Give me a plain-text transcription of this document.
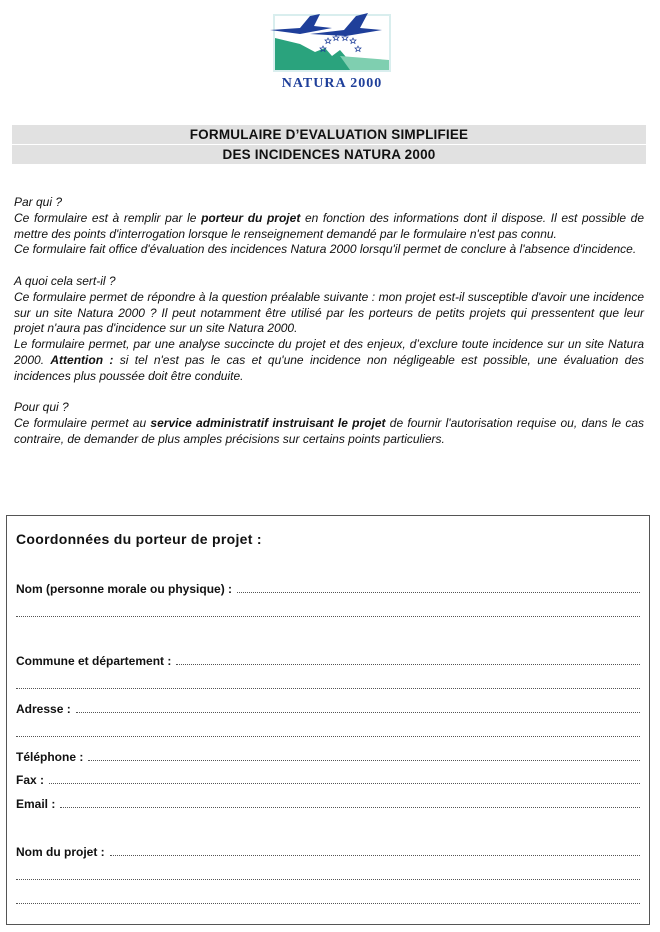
NATURA 2000
FORMULAIRE D’EVALUATION SIMPLIFIEE
DES INCIDENCES NATURA 2000

Par qui ?

Ce formulaire est à remplir par le porteur du projet en fonction des informations dont il dispose. Il est possible de mettre des points d'interrogation lorsque le renseignement demandé par le formulaire n'est pas connu.

Ce formulaire fait office d'évaluation des incidences Natura 2000 lorsqu'il permet de conclure à l'absence d'incidence.

A quoi cela sert-il ?

Ce formulaire permet de répondre à la question préalable suivante : mon projet est-il susceptible d'avoir une incidence sur un site Natura 2000 ? Il peut notamment être utilisé par les porteurs de petits projets qui pressentent que leur projet n'aura pas d'incidence sur un site Natura 2000.

Le formulaire permet, par une analyse succincte du projet et des enjeux, d’exclure toute incidence sur un site Natura 2000. Attention : si tel n'est pas le cas et qu'une incidence non négligeable est possible, une évaluation des incidences plus poussée doit être conduite.

Pour qui ?

Ce formulaire permet au service administratif instruisant le projet de fournir l'autorisation requise ou, dans le cas contraire, de demander de plus amples précisions sur certains points particuliers.

Coordonnées du porteur de projet :
Nom (personne morale ou physique) :
Commune et département :
Adresse :
Téléphone :
Fax :
Email :
Nom du projet :
